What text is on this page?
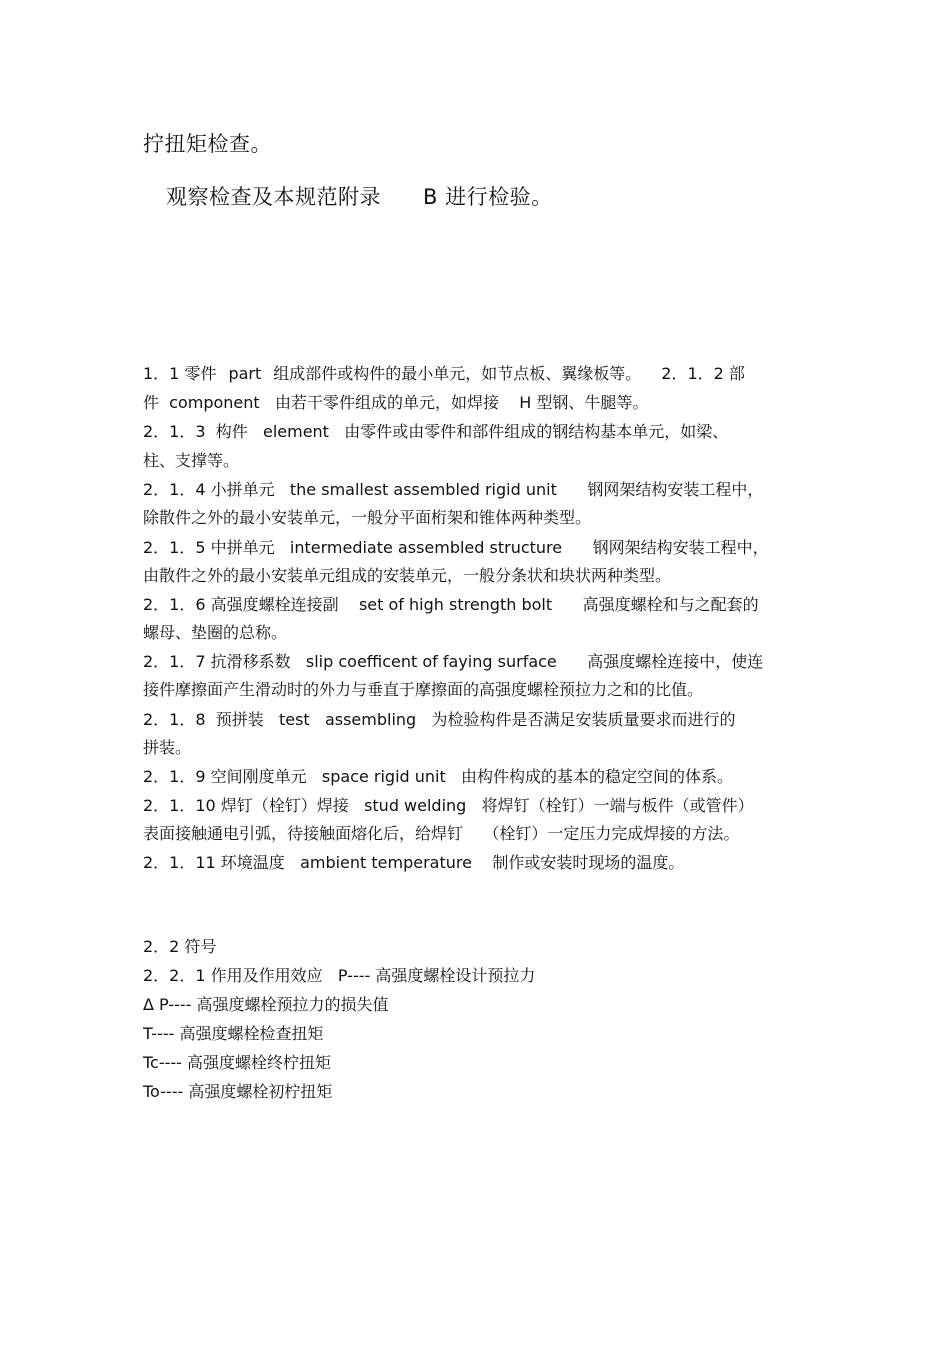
拧扭矩检查。
观察检查及本规范附录 B 进行检验。
1．1 零件 part 组成部件或构件的最小单元，如节点板、翼缘板等。 2．1．2 部
件  component   由若干零件组成的单元，如焊接    H 型钢、牛腿等。
2．1．3  构件   element   由零件或由零件和部件组成的钢结构基本单元，如梁、
柱、支撑等。
2．1．4 小拼单元   the smallest assembled rigid unit      钢网架结构安装工程中，
除散件之外的最小安装单元，一般分平面桁架和锥体两种类型。
2．1．5 中拼单元   intermediate assembled structure      钢网架结构安装工程中，
由散件之外的最小安装单元组成的安装单元，一般分条状和块状两种类型。
2．1．6 高强度螺栓连接副    set of high strength bolt      高强度螺栓和与之配套的
螺母、垫圈的总称。
2．1．7 抗滑移系数   slip coefficent of faying surface      高强度螺栓连接中，使连
接件摩擦面产生滑动时的外力与垂直于摩擦面的高强度螺栓预拉力之和的比值。
2．1．8  预拼装   test   assembling   为检验构件是否满足安装质量要求而进行的
拼装。
2．1．9 空间刚度单元   space rigid unit   由构件构成的基本的稳定空间的体系。
2．1．10 焊钉（栓钉）焊接   stud welding   将焊钉（栓钉）一端与板件（或管件）
表面接触通电引弧，待接触面熔化后，给焊钉    （栓钉）一定压力完成焊接的方法。
2．1．11 环境温度   ambient temperature    制作或安装时现场的温度。
2．2 符号
2．2．1 作用及作用效应   P---- 高强度螺栓设计预拉力
Δ P---- 高强度螺栓预拉力的损失值
T---- 高强度螺栓检查扭矩
Tc---- 高强度螺栓终柠扭矩
To---- 高强度螺栓初柠扭矩
